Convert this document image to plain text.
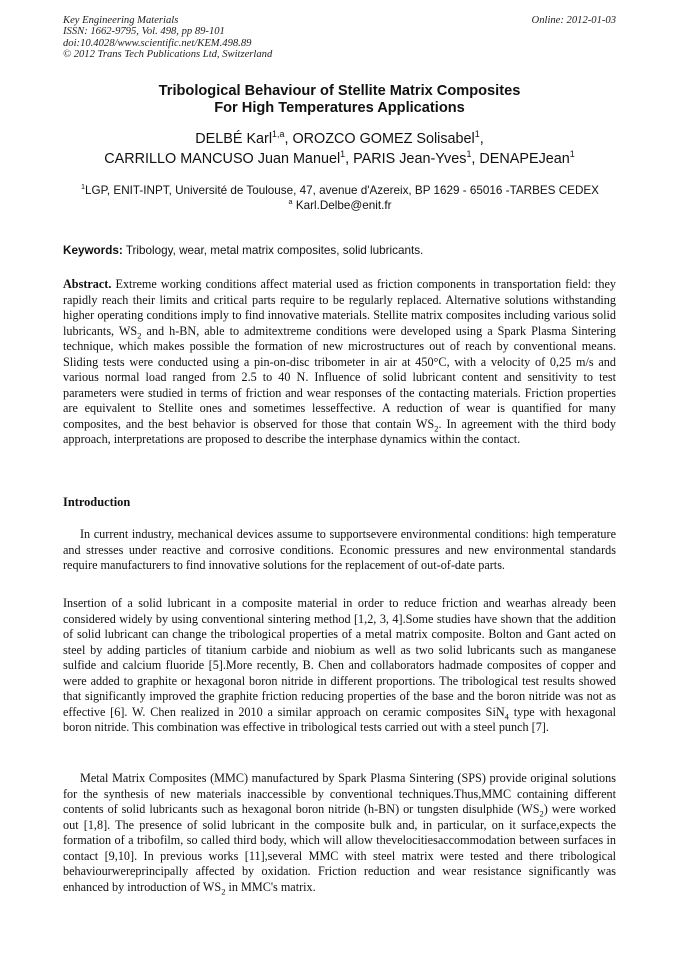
Key Engineering Materials
ISSN: 1662-9795, Vol. 498, pp 89-101
doi:10.4028/www.scientific.net/KEM.498.89
© 2012 Trans Tech Publications Ltd, Switzerland
Online: 2012-01-03
Tribological Behaviour of Stellite Matrix Composites
For High Temperatures Applications
DELBÉ Karl$^{1,a}$, OROZCO GOMEZ Solisabel$^1$,
CARRILLO MANCUSO Juan Manuel$^1$, PARIS Jean-Yves$^1$, DENAPEJean$^1$
$^1$LGP, ENIT-INPT, Université de Toulouse, 47, avenue d'Azereix, BP 1629 - 65016 -TARBES CEDEX
$^a$ Karl.Delbe@enit.fr
Keywords: Tribology, wear, metal matrix composites, solid lubricants.
Abstract. Extreme working conditions affect material used as friction components in transportation field: they rapidly reach their limits and critical parts require to be regularly replaced. Alternative solutions withstanding higher operating conditions imply to find innovative materials. Stellite matrix composites including various solid lubricants, $WS_2$ and h-BN, able to admitextreme conditions were developed using a Spark Plasma Sintering technique, which makes possible the formation of new microstructures out of reach by conventional means. Sliding tests were conducted using a pin-on-disc tribometer in air at 450°C, with a velocity of 0,25 m/s and various normal load ranged from 2.5 to 40 N. Influence of solid lubricant content and sensitivity to test parameters were studied in terms of friction and wear responses of the contacting materials. Friction properties are equivalent to Stellite ones and sometimes lesseffective. A reduction of wear is quantified for many composites, and the best behavior is observed for those that contain $WS_2$. In agreement with the third body approach, interpretations are proposed to describe the interphase dynamics within the contact.
Introduction
In current industry, mechanical devices assume to supportsevere environmental conditions: high temperature and stresses under reactive and corrosive conditions. Economic pressures and new environmental standards require manufacturers to find innovative solutions for the replacement of out-of-date parts.
Insertion of a solid lubricant in a composite material in order to reduce friction and wearhas already been considered widely by using conventional sintering method [1,2, 3, 4].Some studies have shown that the addition of solid lubricant can change the tribological properties of a metal matrix composite. Bolton and Gant acted on steel by adding particles of titanium carbide and niobium as well as two solid lubricants such as manganese sulfide and calcium fluoride [5].More recently, B. Chen and collaborators hadmade composites of copper and were added to graphite or hexagonal boron nitride in different proportions. The tribological test results showed that significantly improved the graphite friction reducing properties of the base and the boron nitride was not as effective [6]. W. Chen realized in 2010 a similar approach on ceramic composites SiN$_4$ type with hexagonal boron nitride. This combination was effective in tribological tests carried out with a steel punch [7].
Metal Matrix Composites (MMC) manufactured by Spark Plasma Sintering (SPS) provide original solutions for the synthesis of new materials inaccessible by conventional techniques.Thus,MMC containing different contents of solid lubricants such as hexagonal boron nitride (h-BN) or tungsten disulphide $(WS_2)$ were worked out [1,8]. The presence of solid lubricant in the composite bulk and, in particular, on it surface,expects the formation of a tribofilm, so called third body, which will allow thevelocitiesaccommodation between surfaces in contact [9,10]. In previous works [11],several MMC with steel matrix were tested and there tribological behaviourwereprincipally affected by oxidation. Friction reduction and wear resistance significantly was enhanced by introduction of $WS_2$ in MMC's matrix.
